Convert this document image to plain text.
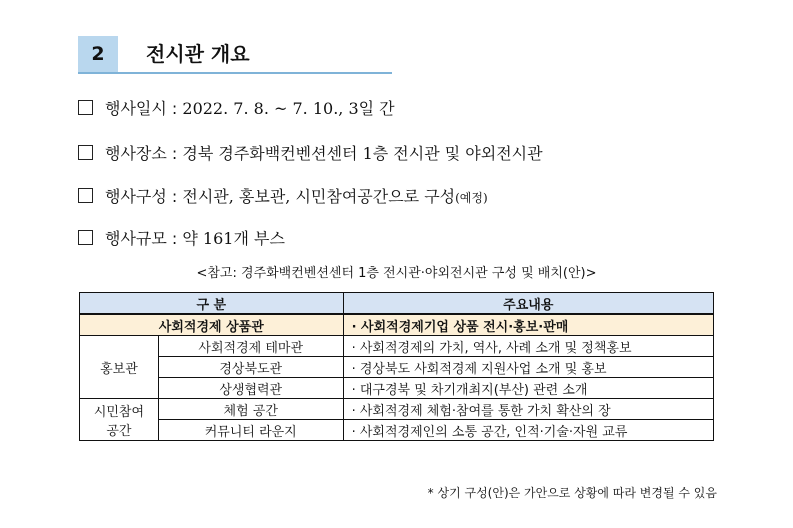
2	전시관 개요
행사일시 : 2022. 7. 8. ~ 7. 10., 3일 간
행사장소 : 경북 경주화백컨벤션센터 1층 전시관 및 야외전시관
행사구성 : 전시관, 홍보관, 시민참여공간으로 구성(예정)
행사규모 : 약 161개 부스
<참고: 경주화백컨벤션센터 1층 전시관·야외전시관 구성 및 배치(안)>
구 분		주요내용
사회적경제 상품관		· 사회적경제기업 상품 전시·홍보·판매
홍보관	사회적경제 테마관	· 사회적경제의 가치, 역사, 사례 소개 및 정책홍보
	경상북도관	· 경상북도 사회적경제 지원사업 소개 및 홍보
	상생협력관	· 대구경북 및 차기개최지(부산) 관련 소개
시민참여
공간	체험 공간	· 사회적경제 체험·참여를 통한 가치 확산의 장
	커뮤니티 라운지	· 사회적경제인의 소통 공간, 인적·기술·자원 교류
* 상기 구성(안)은 가안으로 상황에 따라 변경될 수 있음
